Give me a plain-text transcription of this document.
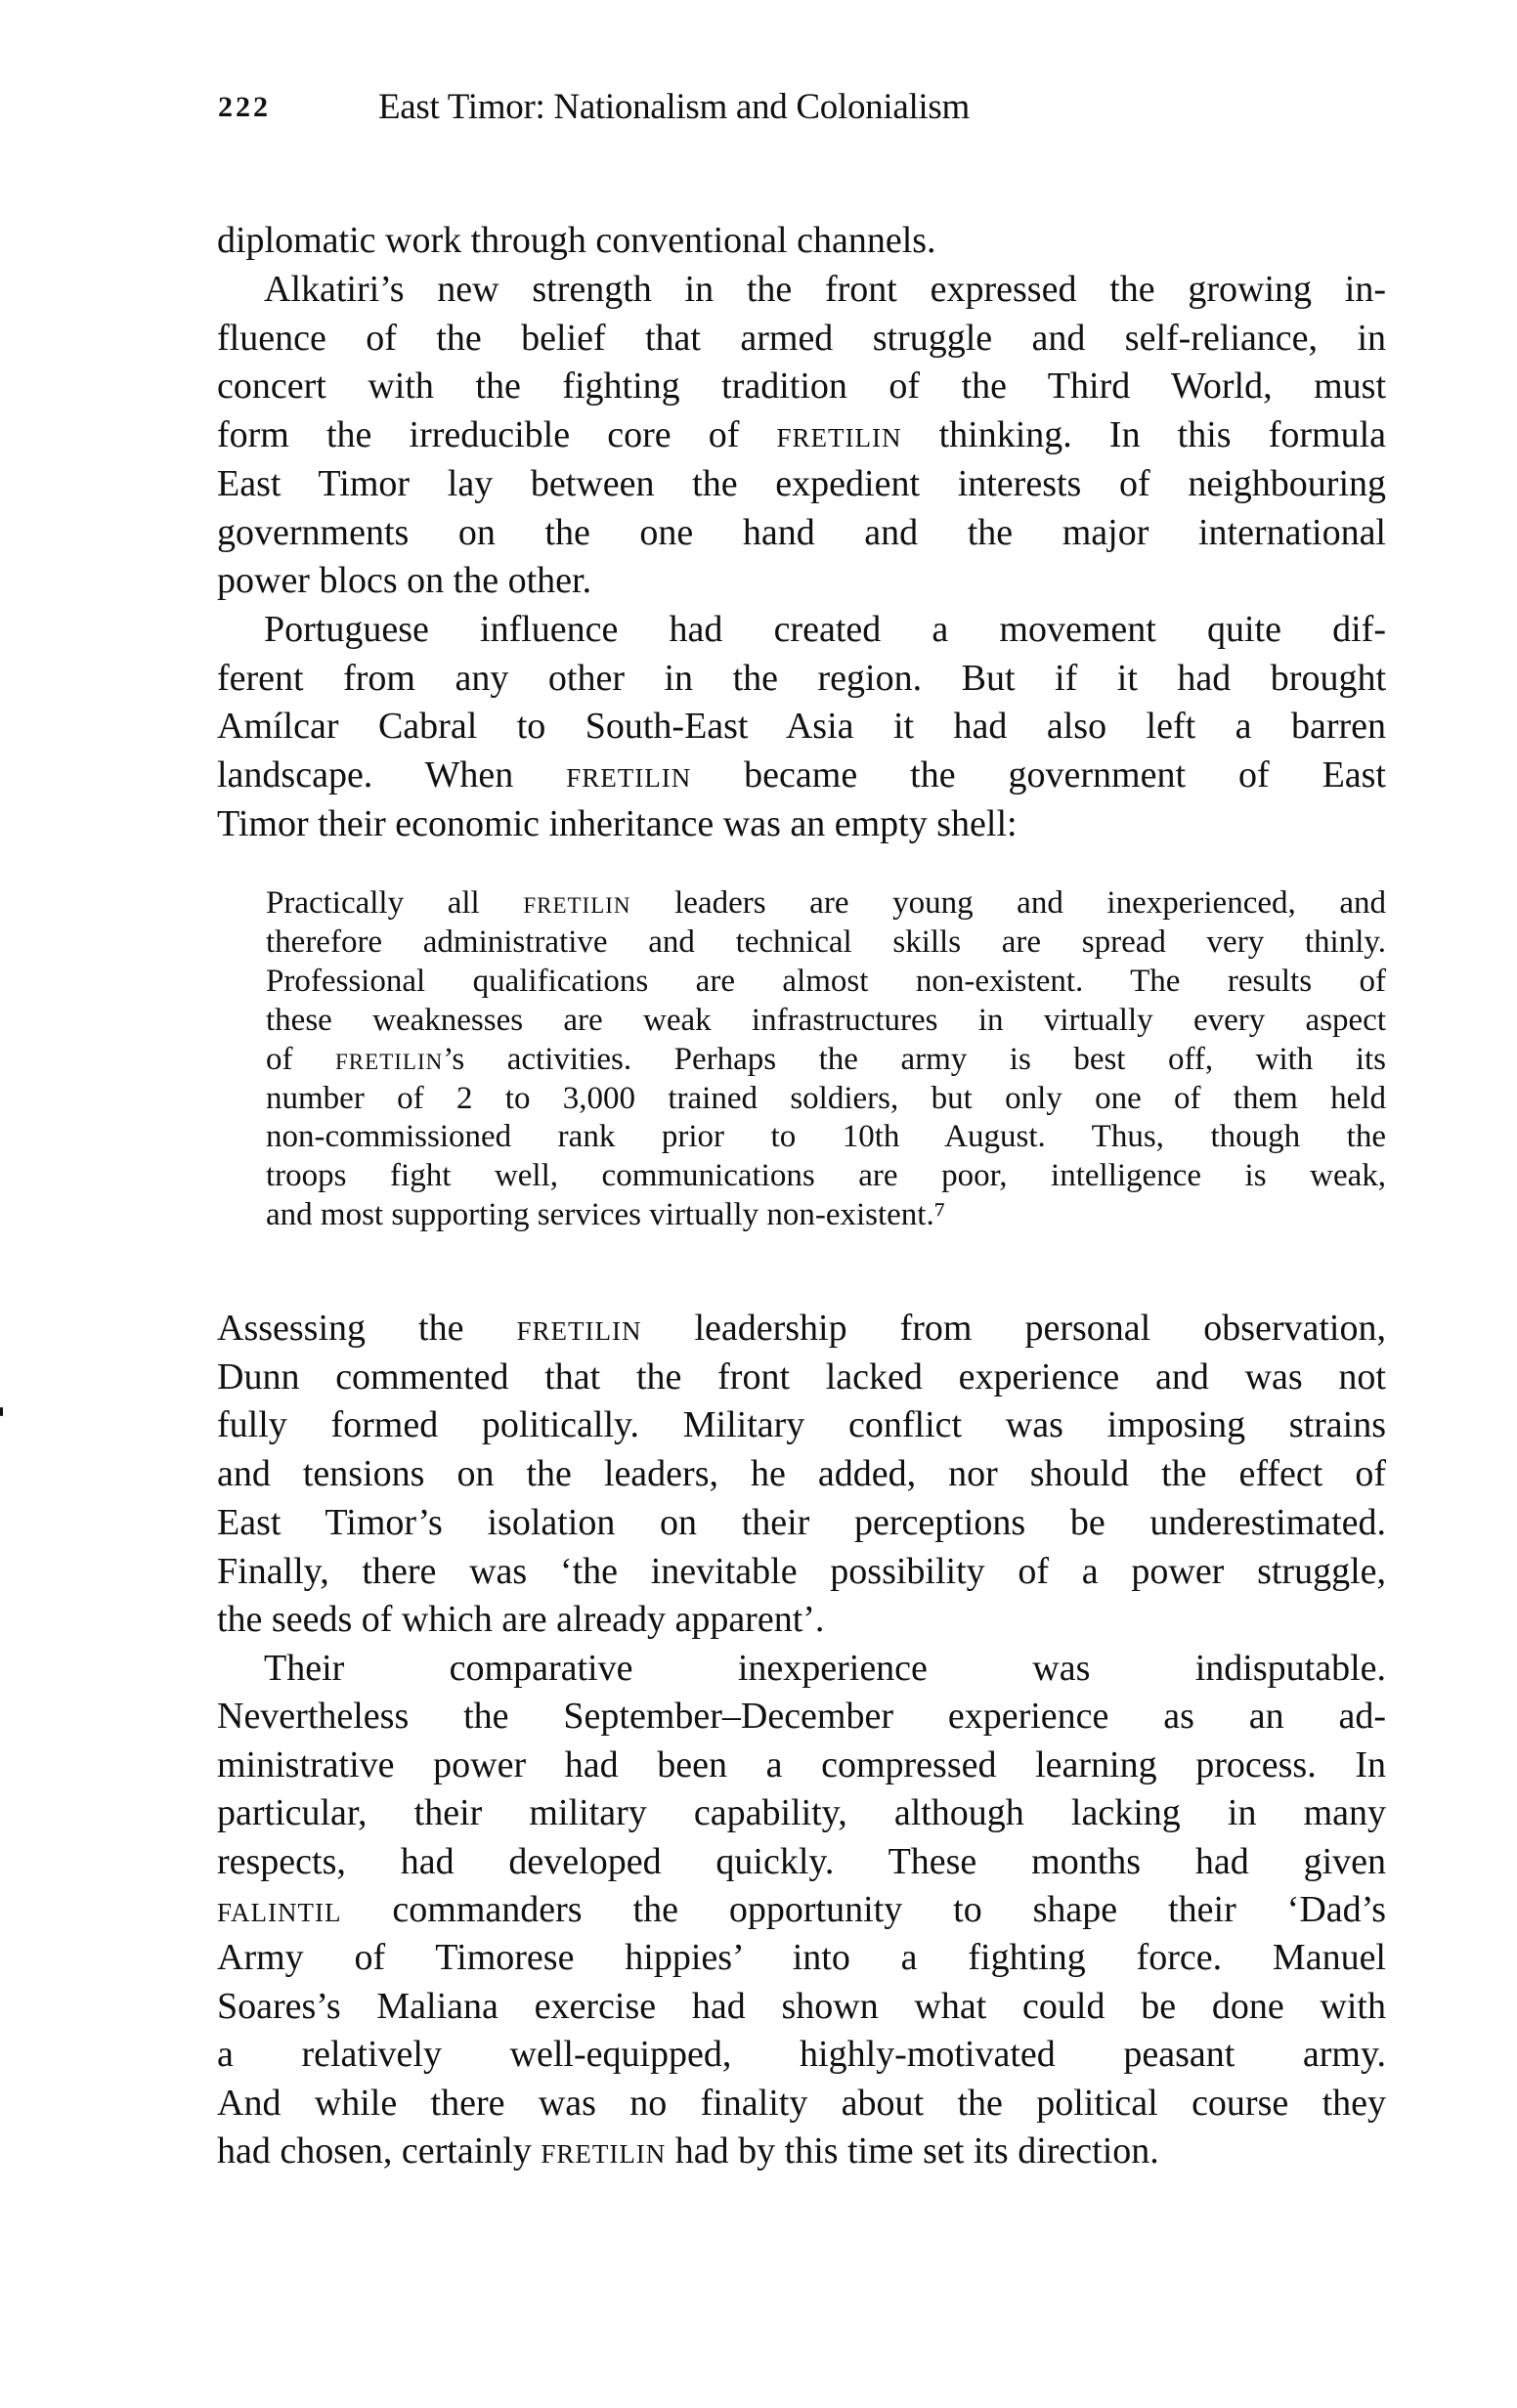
222	East Timor: Nationalism and Colonialism
diplomatic work through conventional channels.
Alkatiri’s new strength in the front expressed the growing in-
fluence of the belief that armed struggle and self-reliance, in
concert with the fighting tradition of the Third World, must
form the irreducible core of fretilin thinking. In this formula
East Timor lay between the expedient interests of neighbouring
governments on the one hand and the major international
power blocs on the other.
Portuguese influence had created a movement quite dif-
ferent from any other in the region. But if it had brought
Amílcar Cabral to South-East Asia it had also left a barren
landscape. When fretilin became the government of East
Timor their economic inheritance was an empty shell:
Practically all fretilin leaders are young and inexperienced, and
therefore administrative and technical skills are spread very thinly.
Professional qualifications are almost non-existent. The results of
these weaknesses are weak infrastructures in virtually every aspect
of fretilin’s activities. Perhaps the army is best off, with its
number of 2 to 3,000 trained soldiers, but only one of them held
non-commissioned rank prior to 10th August. Thus, though the
troops fight well, communications are poor, intelligence is weak,
and most supporting services virtually non-existent.⁷
Assessing the fretilin leadership from personal observation,
Dunn commented that the front lacked experience and was not
fully formed politically. Military conflict was imposing strains
and tensions on the leaders, he added, nor should the effect of
East Timor’s isolation on their perceptions be underestimated.
Finally, there was ‘the inevitable possibility of a power struggle,
the seeds of which are already apparent’.
Their comparative inexperience was indisputable.
Nevertheless the September–December experience as an ad-
ministrative power had been a compressed learning process. In
particular, their military capability, although lacking in many
respects, had developed quickly. These months had given
falintil commanders the opportunity to shape their ‘Dad’s
Army of Timorese hippies’ into a fighting force. Manuel
Soares’s Maliana exercise had shown what could be done with
a relatively well-equipped, highly-motivated peasant army.
And while there was no finality about the political course they
had chosen, certainly fretilin had by this time set its direction.
